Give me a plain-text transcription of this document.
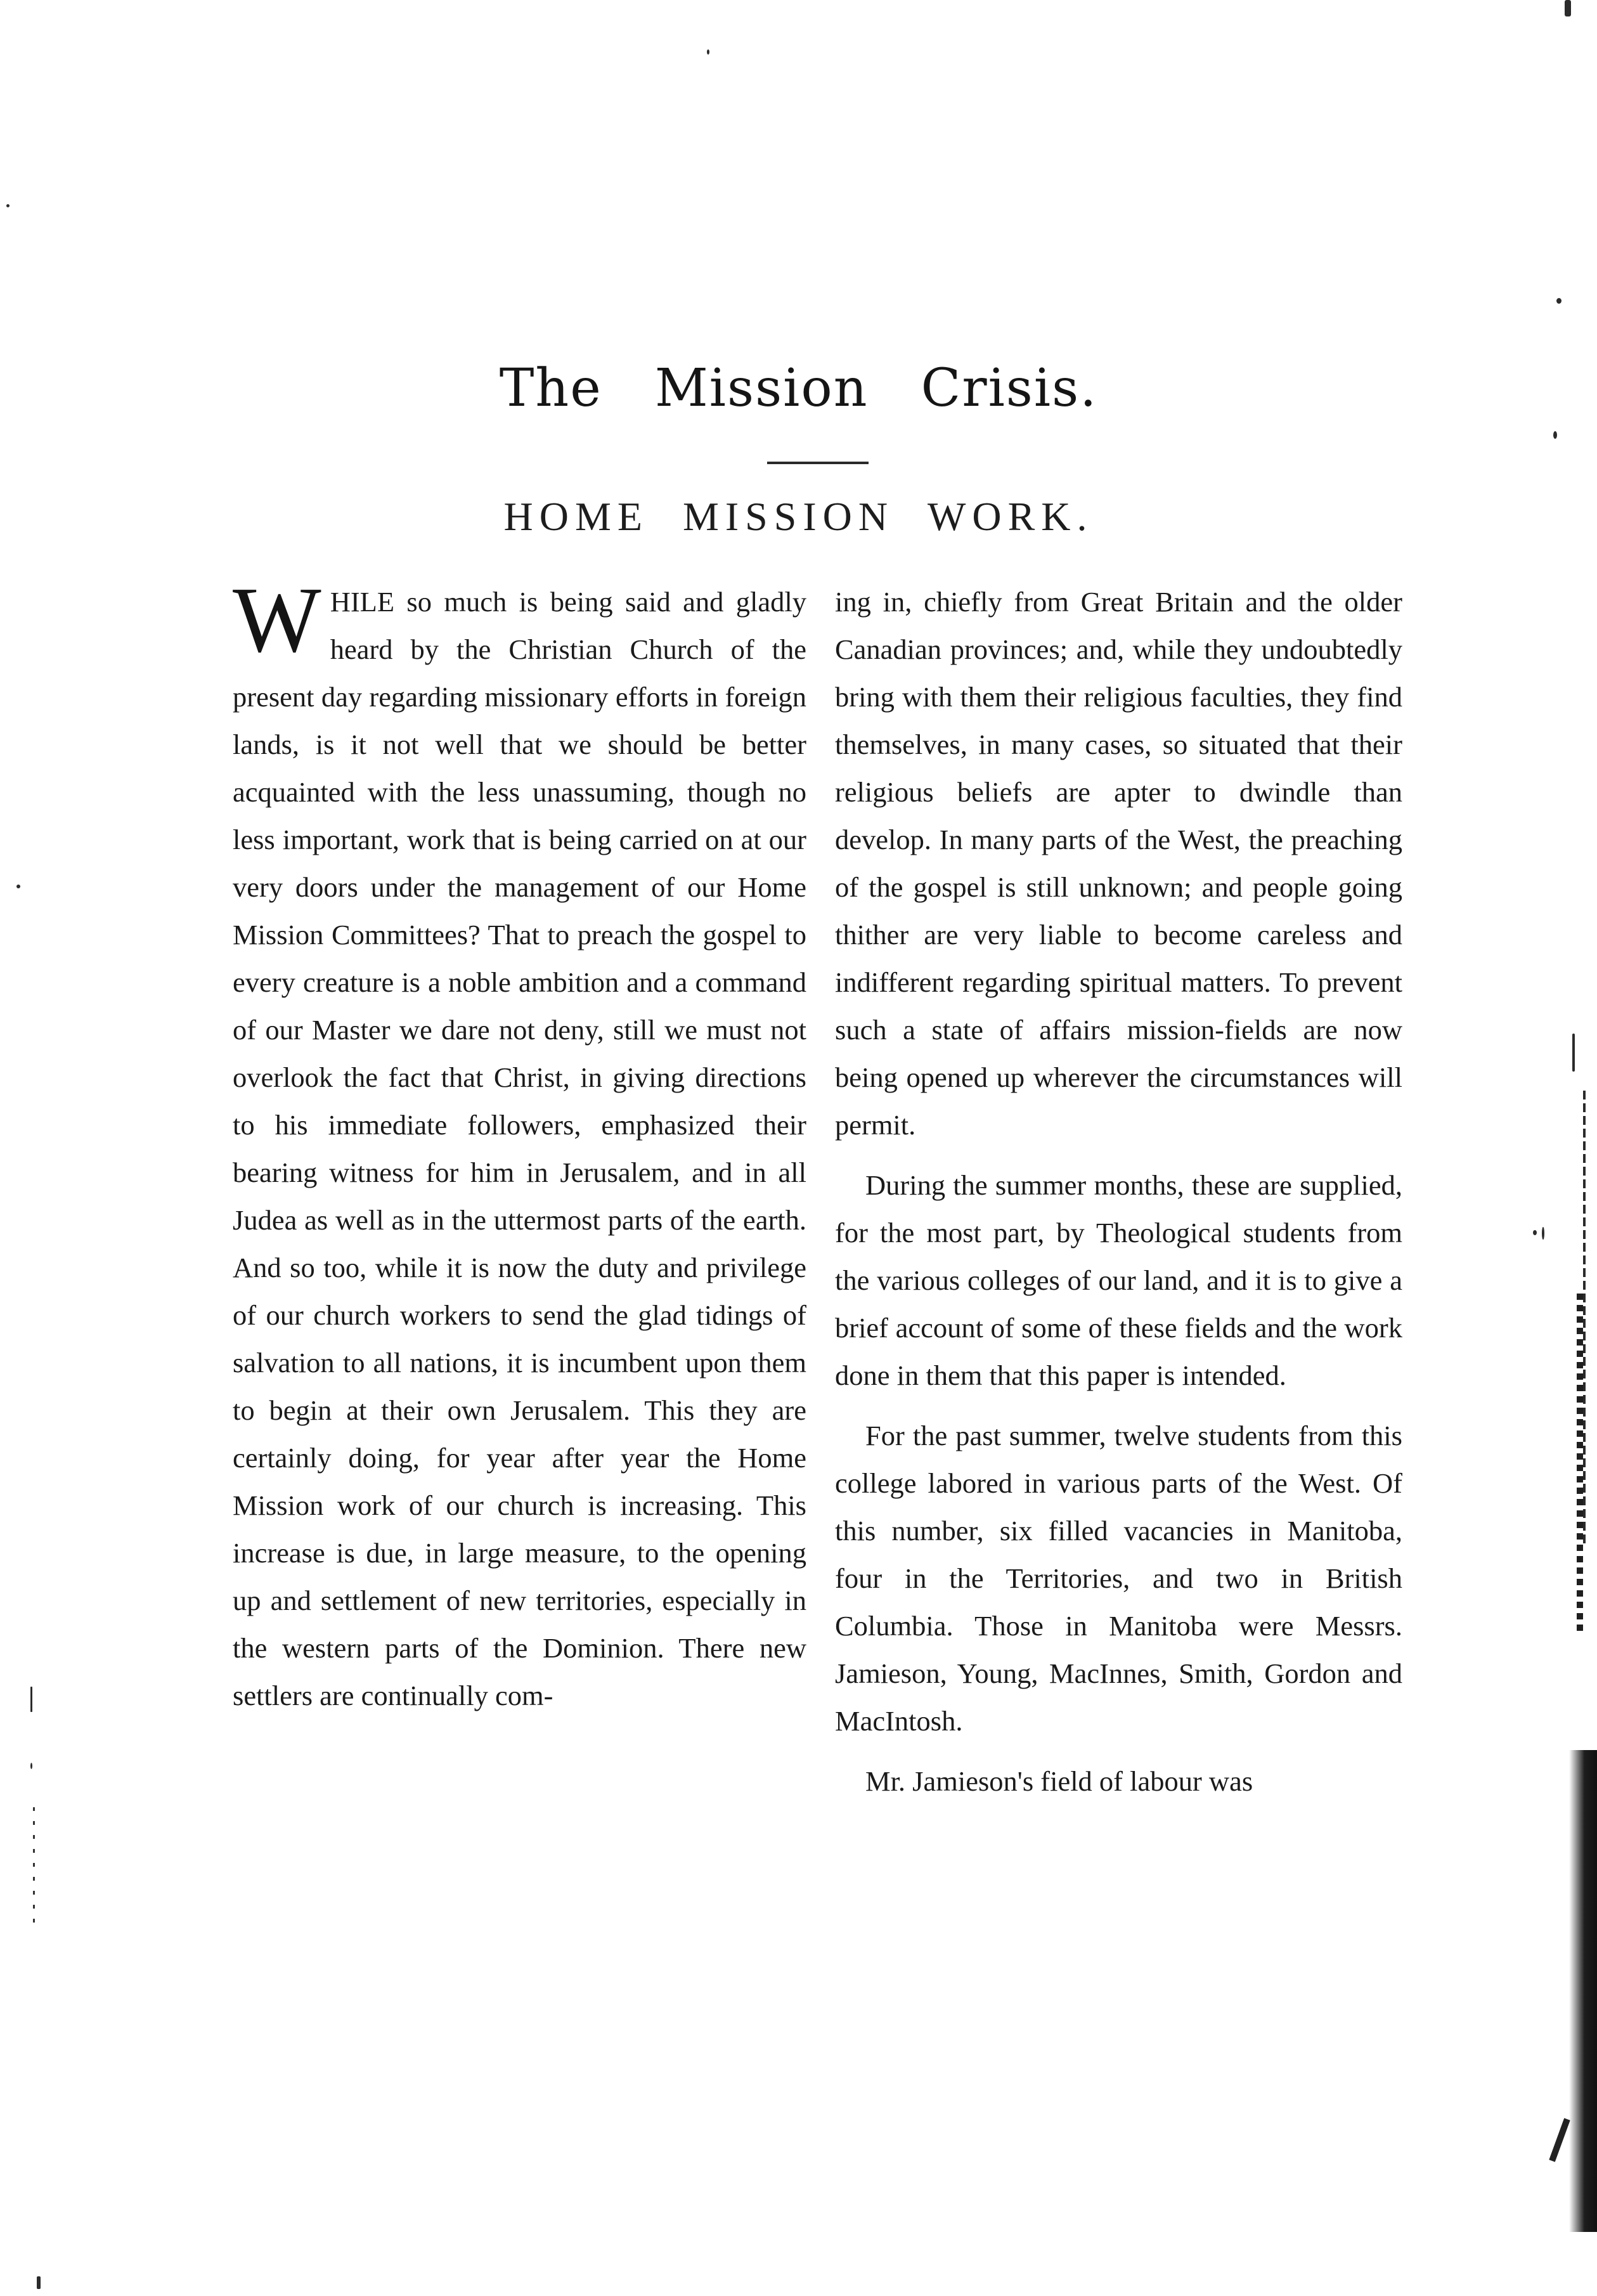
The Mission Crisis.
HOME MISSION WORK.

WHILE so much is being said and gladly heard by the Christian Church of the present day regarding missionary efforts in foreign lands, is it not well that we should be better acquainted with the less unassuming, though no less important, work that is being carried on at our very doors under the management of our Home Mission Committees? That to preach the gospel to every creature is a noble ambition and a command of our Master we dare not deny, still we must not overlook the fact that Christ, in giving directions to his immediate followers, emphasized their bearing witness for him in Jerusalem, and in all Judea as well as in the uttermost parts of the earth. And so too, while it is now the duty and privilege of our church workers to send the glad tidings of salvation to all nations, it is incumbent upon them to begin at their own Jerusalem. This they are certainly doing, for year after year the Home Mission work of our church is increasing. This increase is due, in large measure, to the opening up and settlement of new territories, especially in the western parts of the Dominion. There new settlers are continually com-

ing in, chiefly from Great Britain and the older Canadian provinces; and, while they undoubtedly bring with them their religious faculties, they find themselves, in many cases, so situated that their religious beliefs are apter to dwindle than develop. In many parts of the West, the preaching of the gospel is still unknown; and people going thither are very liable to become careless and indifferent regarding spiritual matters. To prevent such a state of affairs mission-fields are now being opened up wherever the circumstances will permit.

During the summer months, these are supplied, for the most part, by Theological students from the various colleges of our land, and it is to give a brief account of some of these fields and the work done in them that this paper is intended.

For the past summer, twelve students from this college labored in various parts of the West. Of this number, six filled vacancies in Manitoba, four in the Territories, and two in British Columbia. Those in Manitoba were Messrs. Jamieson, Young, MacInnes, Smith, Gordon and MacIntosh.

Mr. Jamieson's field of labour was
